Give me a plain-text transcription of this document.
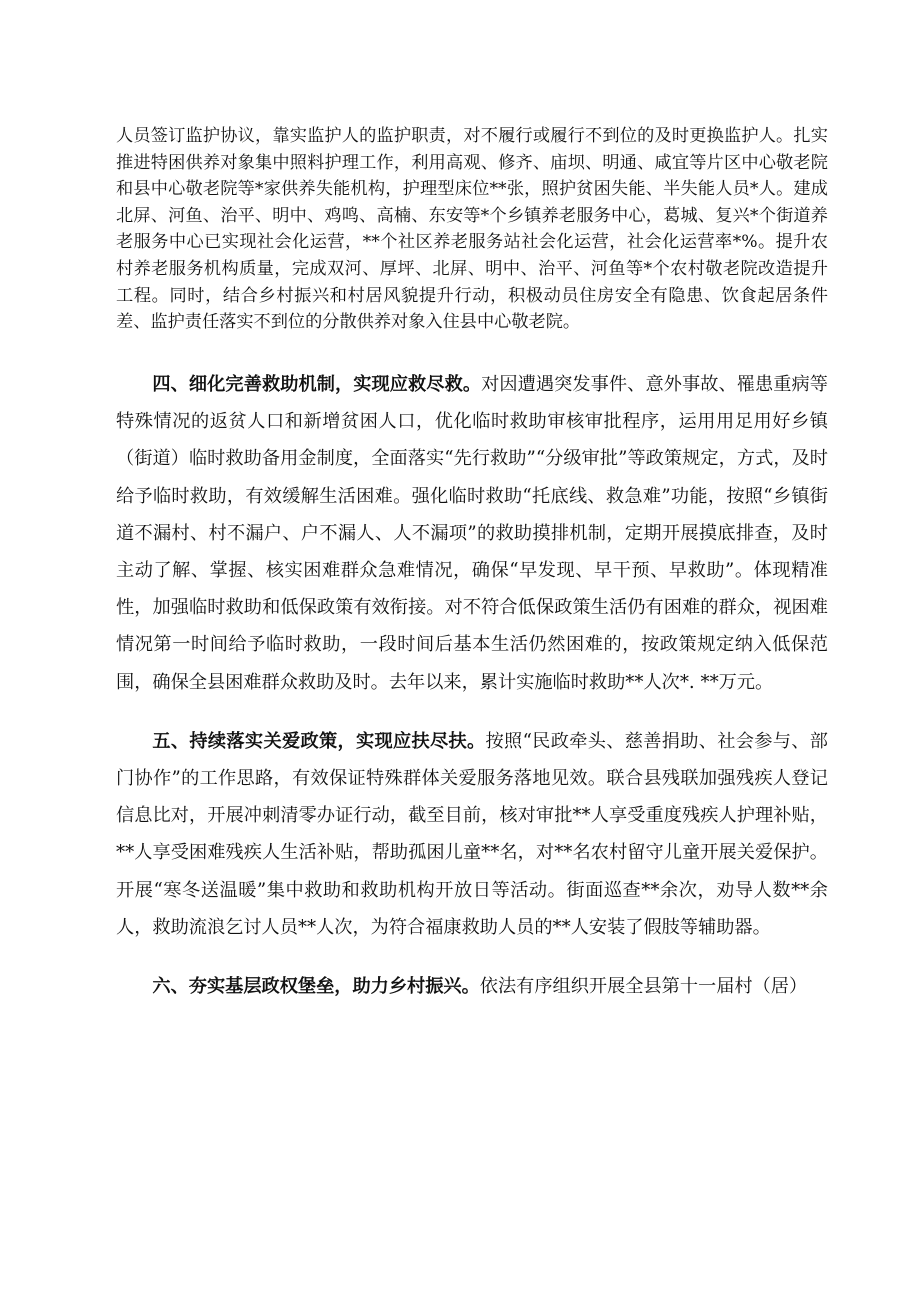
人员签订监护协议，靠实监护人的监护职责，对不履行或履行不到位的及时更换监护人。扎实推进特困供养对象集中照料护理工作，利用高观、修齐、庙坝、明通、咸宜等片区中心敬老院和县中心敬老院等*家供养失能机构，护理型床位**张，照护贫困失能、半失能人员*人。建成北屏、河鱼、治平、明中、鸡鸣、高楠、东安等*个乡镇养老服务中心，葛城、复兴*个街道养老服务中心已实现社会化运营，**个社区养老服务站社会化运营，社会化运营率*%。提升农村养老服务机构质量，完成双河、厚坪、北屏、明中、治平、河鱼等*个农村敬老院改造提升工程。同时，结合乡村振兴和村居风貌提升行动，积极动员住房安全有隐患、饮食起居条件差、监护责任落实不到位的分散供养对象入住县中心敬老院。

四、细化完善救助机制，实现应救尽救。对因遭遇突发事件、意外事故、罹患重病等特殊情况的返贫人口和新增贫困人口，优化临时救助审核审批程序，运用用足用好乡镇（街道）临时救助备用金制度，全面落实“先行救助”“分级审批”等政策规定，方式，及时给予临时救助，有效缓解生活困难。强化临时救助“托底线、救急难”功能，按照“乡镇街道不漏村、村不漏户、户不漏人、人不漏项”的救助摸排机制，定期开展摸底排查，及时主动了解、掌握、核实困难群众急难情况，确保“早发现、早干预、早救助”。体现精准性，加强临时救助和低保政策有效衔接。对不符合低保政策生活仍有困难的群众，视困难情况第一时间给予临时救助，一段时间后基本生活仍然困难的，按政策规定纳入低保范围，确保全县困难群众救助及时。去年以来，累计实施临时救助**人次*. **万元。

五、持续落实关爱政策，实现应扶尽扶。按照“民政牵头、慈善捐助、社会参与、部门协作”的工作思路，有效保证特殊群体关爱服务落地见效。联合县残联加强残疾人登记信息比对，开展冲刺清零办证行动，截至目前，核对审批**人享受重度残疾人护理补贴，**人享受困难残疾人生活补贴，帮助孤困儿童**名，对**名农村留守儿童开展关爱保护。开展“寒冬送温暖”集中救助和救助机构开放日等活动。街面巡查**余次，劝导人数**余人，救助流浪乞讨人员**人次，为符合福康救助人员的**人安装了假肢等辅助器。

六、夯实基层政权堡垒，助力乡村振兴。依法有序组织开展全县第十一届村（居）
